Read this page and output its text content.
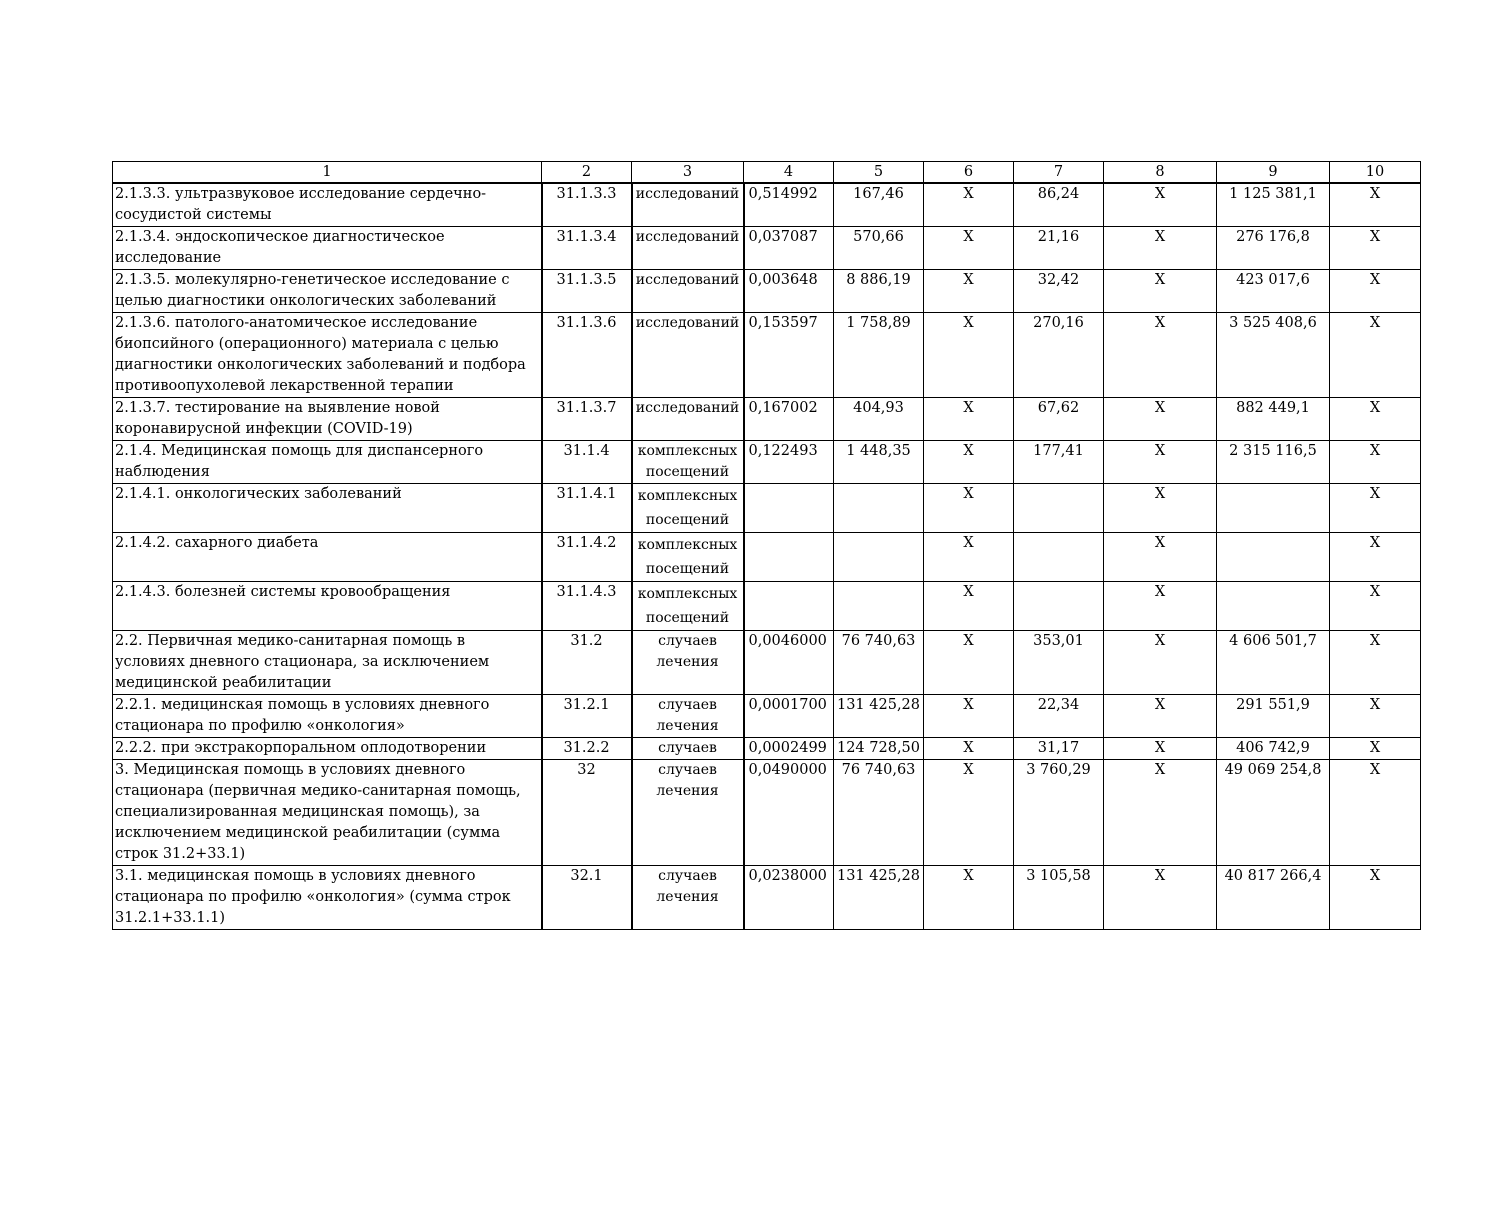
1	2	3	4	5	6	7	8	9	10
2.1.3.3. ультразвуковое исследование сердечно-сосудистой системы	31.1.3.3	исследований	0,514992	167,46	Х	86,24	Х	1 125 381,1	Х
2.1.3.4. эндоскопическое диагностическое исследование	31.1.3.4	исследований	0,037087	570,66	Х	21,16	Х	276 176,8	Х
2.1.3.5. молекулярно-генетическое исследование с целью диагностики онкологических заболеваний	31.1.3.5	исследований	0,003648	8 886,19	Х	32,42	Х	423 017,6	Х
2.1.3.6. патолого-анатомическое исследование биопсийного (операционного) материала с целью диагностики онкологических заболеваний и подбора противоопухолевой лекарственной терапии	31.1.3.6	исследований	0,153597	1 758,89	Х	270,16	Х	3 525 408,6	Х
2.1.3.7. тестирование на выявление новой коронавирусной инфекции (COVID-19)	31.1.3.7	исследований	0,167002	404,93	Х	67,62	Х	882 449,1	Х
2.1.4. Медицинская помощь для диспансерного наблюдения	31.1.4	комплексных посещений	0,122493	1 448,35	Х	177,41	Х	2 315 116,5	Х
2.1.4.1. онкологических заболеваний	31.1.4.1	комплексных посещений			Х		Х		Х
2.1.4.2. сахарного диабета	31.1.4.2	комплексных посещений			Х		Х		Х
2.1.4.3. болезней системы кровообращения	31.1.4.3	комплексных посещений			Х		Х		Х
2.2. Первичная медико-санитарная помощь в условиях дневного стационара, за исключением медицинской реабилитации	31.2	случаев лечения	0,0046000	76 740,63	Х	353,01	Х	4 606 501,7	Х
2.2.1. медицинская помощь в условиях дневного стационара по профилю «онкология»	31.2.1	случаев лечения	0,0001700	131 425,28	Х	22,34	Х	291 551,9	Х
2.2.2. при экстракорпоральном оплодотворении	31.2.2	случаев	0,0002499	124 728,50	Х	31,17	Х	406 742,9	Х
3. Медицинская помощь в условиях дневного стационара (первичная медико-санитарная помощь, специализированная медицинская помощь), за исключением медицинской реабилитации (сумма строк 31.2+33.1)	32	случаев лечения	0,0490000	76 740,63	Х	3 760,29	Х	49 069 254,8	Х
3.1. медицинская помощь в условиях дневного стационара по профилю «онкология» (сумма строк 31.2.1+33.1.1)	32.1	случаев лечения	0,0238000	131 425,28	Х	3 105,58	Х	40 817 266,4	Х
